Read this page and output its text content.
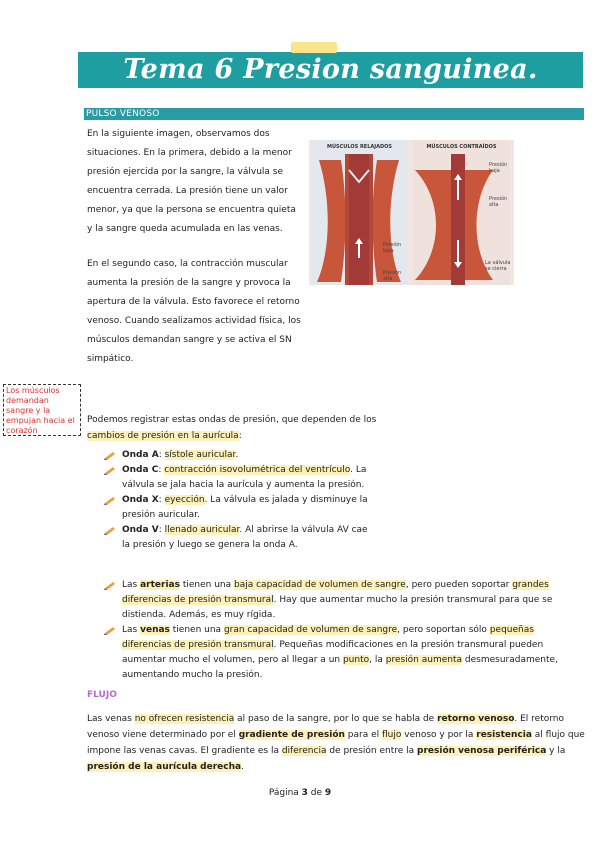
Tema 6 Presion sanguinea.
PULSO VENOSO
En la siguiente imagen, observamos dos situaciones. En la primera, debido a la menor presión ejercida por la sangre, la válvula se encuentra cerrada. La presión tiene un valor menor, ya que la persona se encuentra quieta y la sangre queda acumulada en las venas.
En el segundo caso, la contracción muscular aumenta la presión de la sangre y provoca la apertura de la válvula. Esto favorece el retorno venoso. Cuando sealizamos actividad física, los músculos demandan sangre y se activa el SN simpático.
MÚSCULOS RELAJADOS
Presión baja
Presión alta
MÚSCULOS CONTRAÍDOS
Presión baja
Presión alta
La válvula se cierra
Los músculos demandan sangre y la empujan hacia el corazón
Podemos registrar estas ondas de presión, que dependen de los cambios de presión en la aurícula:
Onda A: sístole auricular.
Onda C: contracción isovolumétrica del ventrículo. La válvula se jala hacia la aurícula y aumenta la presión.
Onda X: eyección. La válvula es jalada y disminuye la presión auricular.
Onda V: llenado auricular. Al abrirse la válvula AV cae la presión y luego se genera la onda A.
Las arterias tienen una baja capacidad de volumen de sangre, pero pueden soportar grandes diferencias de presión transmural. Hay que aumentar mucho la presión transmural para que se distienda. Además, es muy rígida.
Las venas tienen una gran capacidad de volumen de sangre, pero soportan sólo pequeñas diferencias de presión transmural. Pequeñas modificaciones en la presión transmural pueden aumentar mucho el volumen, pero al llegar a un punto, la presión aumenta desmesuradamente, aumentando mucho la presión.
FLUJO
Las venas no ofrecen resistencia al paso de la sangre, por lo que se habla de retorno venoso. El retorno venoso viene determinado por el gradiente de presión para el flujo venoso y por la resistencia al flujo que impone las venas cavas. El gradiente es la diferencia de presión entre la presión venosa periférica y la presión de la aurícula derecha.
Página 3 de 9
